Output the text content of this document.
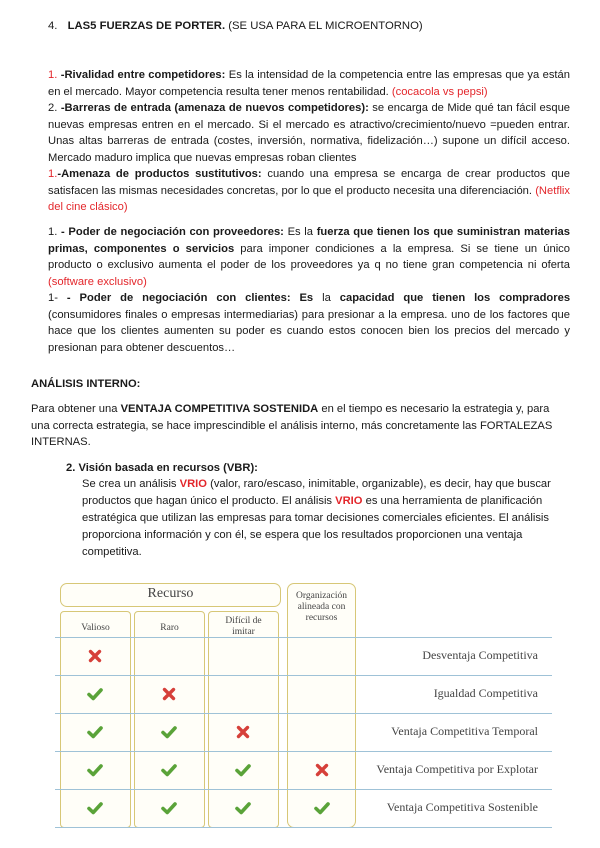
4. LAS5 FUERZAS DE PORTER. (SE USA PARA EL MICROENTORNO)
1. -Rivalidad entre competidores: Es la intensidad de la competencia entre las empresas que ya están en el mercado. Mayor competencia resulta tener menos rentabilidad. (cocacola vs pepsi)
2. -Barreras de entrada (amenaza de nuevos competidores): se encarga de Mide qué tan fácil esque nuevas empresas entren en el mercado. Si el mercado es atractivo/crecimiento/nuevo =pueden entrar. Unas altas barreras de entrada (costes, inversión, normativa, fidelización…) supone un difícil acceso. Mercado maduro implica que nuevas empresas roban clientes
1.-Amenaza de productos sustitutivos: cuando una empresa se encarga de crear productos que satisfacen las mismas necesidades concretas, por lo que el producto necesita una diferenciación. (Netflix del cine clásico)
1. - Poder de negociación con proveedores: Es la fuerza que tienen los que suministran materias primas, componentes o servicios para imponer condiciones a la empresa. Si se tiene un único producto o exclusivo aumenta el poder de los proveedores ya q no tiene gran competencia ni oferta (software exclusivo)
1- - Poder de negociación con clientes: Es la capacidad que tienen los compradores (consumidores finales o empresas intermediarias) para presionar a la empresa. uno de los factores que hace que los clientes aumenten su poder es cuando estos conocen bien los precios del mercado y presionan para obtener descuentos…
ANÁLISIS INTERNO:
Para obtener una VENTAJA COMPETITIVA SOSTENIDA en el tiempo es necesario la estrategia y, para una correcta estrategia, se hace imprescindible el análisis interno, más concretamente las FORTALEZAS INTERNAS.
2. Visión basada en recursos (VBR):
Se crea un análisis VRIO (valor, raro/escaso, inimitable, organizable), es decir, hay que buscar productos que hagan único el producto. El análisis VRIO es una herramienta de planificación estratégica que utilizan las empresas para tomar decisiones comerciales eficientes. El análisis proporciona información y con él, se espera que los resultados proporcionen una ventaja competitiva.
Recurso
Valioso	Raro
Difícil de imitar
Organización alineada con recursos
Desventaja Competitiva
Igualdad Competitiva
Ventaja Competitiva Temporal
Ventaja Competitiva por Explotar
Ventaja Competitiva Sostenible
